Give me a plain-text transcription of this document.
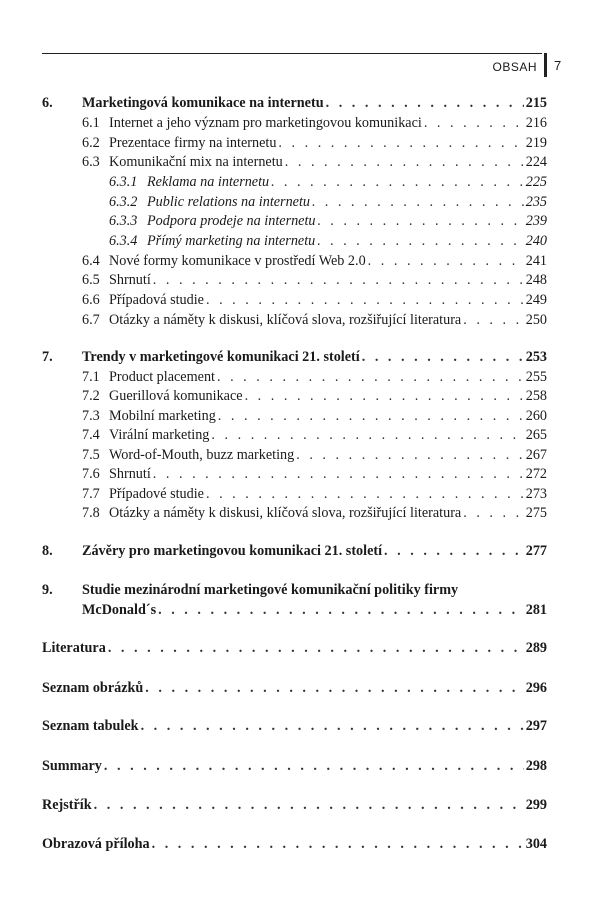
OBSAH 7
6.	Marketingová komunikace na internetu . . .	215
6.1 Internet a jeho význam pro marketingovou komunikaci . . .	216
6.2 Prezentace firmy na internetu . . .	219
6.3 Komunikační mix na internetu . . .	224
6.3.1 Reklama na internetu . . .	225
6.3.2 Public relations na internetu . . .	235
6.3.3 Podpora prodeje na internetu . . .	239
6.3.4 Přímý marketing na internetu . . .	240
6.4 Nové formy komunikace v prostředí Web 2.0 . . .	241
6.5 Shrnutí . . .	248
6.6 Případová studie . . .	249
6.7 Otázky a náměty k diskusi, klíčová slova, rozšiřující literatura . . .	250
7.	Trendy v marketingové komunikaci 21. století . . .	253
7.1 Product placement . . .	255
7.2 Guerillová komunikace . . .	258
7.3 Mobilní marketing . . .	260
7.4 Virální marketing . . .	265
7.5 Word-of-Mouth, buzz marketing . . .	267
7.6 Shrnutí . . .	272
7.7 Případové studie . . .	273
7.8 Otázky a náměty k diskusi, klíčová slova, rozšiřující literatura . . .	275
8.	Závěry pro marketingovou komunikaci 21. století . . .	277
9.	Studie mezinárodní marketingové komunikační politiky firmy
McDonald´s . . .	281
Literatura . . .	289
Seznam obrázků . . .	296
Seznam tabulek . . .	297
Summary . . .	298
Rejstřík . . .	299
Obrazová příloha . . .	304
